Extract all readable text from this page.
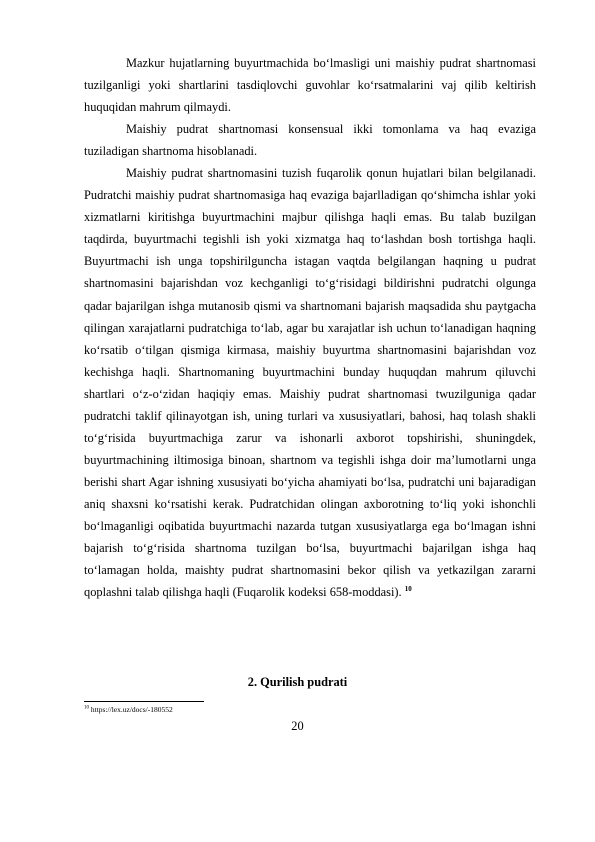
Mazkur hujatlarning buyurtmachida bo‘lmasligi uni maishiy pudrat shartnomasi tuzilganligi yoki shartlarini tasdiqlovchi guvohlar ko‘rsatmalarini vaj qilib keltirish huquqidan mahrum qilmaydi.

Maishiy pudrat shartnomasi konsensual ikki tomonlama va haq evaziga tuziladigan shartnoma hisoblanadi.

Maishiy pudrat shartnomasini tuzish fuqarolik qonun hujatlari bilan belgilanadi. Pudratchi maishiy pudrat shartnomasiga haq evaziga bajarlladigan qo‘shimcha ishlar yoki xizmatlarni kiritishga buyurtmachini majbur qilishga haqli emas. Bu talab buzilgan taqdirda, buyurtmachi tegishli ish yoki xizmatga haq to‘lashdan bosh tortishga haqli. Buyurtmachi ish unga topshirilguncha istagan vaqtda belgilangan haqning u pudrat shartnomasini bajarishdan voz kechganligi to‘g‘risidagi bildirishni pudratchi olgunga qadar bajarilgan ishga mutanosib qismi va shartnomani bajarish maqsadida shu paytgacha qilingan xarajatlarni pudratchiga to‘lab, agar bu xarajatlar ish uchun to‘lanadigan haqning ko‘rsatib o‘tilgan qismiga kirmasa, maishiy buyurtma shartnomasini bajarishdan voz kechishga haqli. Shartnomaning buyurtmachini bunday huquqdan mahrum qiluvchi shartlari o‘z-o‘zidan haqiqiy emas. Maishiy pudrat shartnomasi twuzilguniga qadar pudratchi taklif qilinayotgan ish, uning turlari va xususiyatlari, bahosi, haq tolash shakli to‘g‘risida buyurtmachiga zarur va ishonarli axborot topshirishi, shuningdek, buyurtmachining iltimosiga binoan, shartnom va tegishli ishga doir ma’lumotlarni unga berishi shart Agar ishning xususiyati bo‘yicha ahamiyati bo‘lsa, pudratchi uni bajaradigan aniq shaxsni ko‘rsatishi kerak. Pudratchidan olingan axborotning to‘liq yoki ishonchli bo‘lmaganligi oqibatida buyurtmachi nazarda tutgan xususiyatlarga ega bo‘lmagan ishni bajarish to‘g‘risida shartnoma tuzilgan bo‘lsa, buyurtmachi bajarilgan ishga haq to‘lamagan holda, maishty pudrat shartnomasini bekor qilish va yetkazilgan zararni qoplashni talab qilishga haqli (Fuqarolik kodeksi 658-moddasi). $^{10}$

2. Qurilish pudrati
$^{10}$ https://lex.uz/docs/-180552
20
